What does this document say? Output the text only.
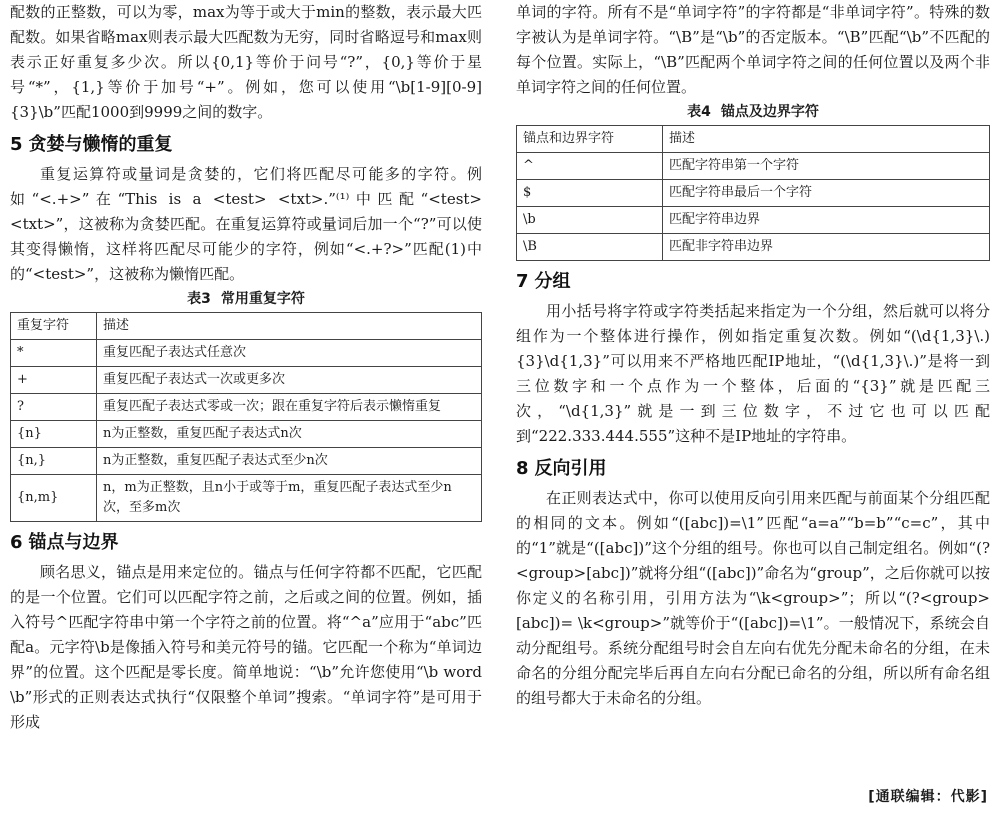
配数的正整数，可以为零，max为等于或大于min的整数，表示最大匹配数。如果省略max则表示最大匹配数为无穷，同时省略逗号和max则表示正好重复多少次。所以{0,1}等价于问号“?”，{0,}等价于星号“*”，{1,}等价于加号“+”。例如，您可以使用“\b[1-9][0-9]{3}\b”匹配1000到9999之间的数字。

5 贪婪与懒惰的重复

重复运算符或量词是贪婪的，它们将匹配尽可能多的字符。例如“<.+>”在“This is a <test> <txt>.”⁽¹⁾中匹配“<test> <txt>”，这被称为贪婪匹配。在重复运算符或量词后加一个“?”可以使其变得懒惰，这样将匹配尽可能少的字符，例如“<.+?>”匹配(1)中的“<test>”，这被称为懒惰匹配。

表3 常用重复字符
重复字符	描述
*	重复匹配子表达式任意次
+	重复匹配子表达式一次或更多次
?	重复匹配子表达式零或一次；跟在重复字符后表示懒惰重复
{n}	n为正整数，重复匹配子表达式n次
{n,}	n为正整数，重复匹配子表达式至少n次
{n,m}	n，m为正整数，且n小于或等于m，重复匹配子表达式至少n次，至多m次
6 锚点与边界

顾名思义，锚点是用来定位的。锚点与任何字符都不匹配，它匹配的是一个位置。它们可以匹配字符之前，之后或之间的位置。例如，插入符号^匹配字符串中第一个字符之前的位置。将“^a”应用于“abc”匹配a。元字符\b是像插入符号和美元符号的锚。它匹配一个称为“单词边界”的位置。这个匹配是零长度。简单地说：“\b”允许您使用“\b word \b”形式的正则表达式执行“仅限整个单词”搜索。“单词字符”是可用于形成

单词的字符。所有不是“单词字符”的字符都是“非单词字符”。特殊的数字被认为是单词字符。“\B”是“\b”的否定版本。“\B”匹配“\b”不匹配的每个位置。实际上，“\B”匹配两个单词字符之间的任何位置以及两个非单词字符之间的任何位置。

表4 锚点及边界字符
锚点和边界字符	描述
^	匹配字符串第一个字符
$	匹配字符串最后一个字符
\b	匹配字符串边界
\B	匹配非字符串边界
7 分组

用小括号将字符或字符类括起来指定为一个分组，然后就可以将分组作为一个整体进行操作，例如指定重复次数。例如“(\d{1,3}\.){3}\d{1,3}”可以用来不严格地匹配IP地址，“(\d{1,3}\.)”是将一到三位数字和一个点作为一个整体，后面的“{3}”就是匹配三次，“\d{1,3}”就是一到三位数字，不过它也可以匹配到“222.333.444.555”这种不是IP地址的字符串。

8 反向引用

在正则表达式中，你可以使用反向引用来匹配与前面某个分组匹配的相同的文本。例如“([abc])=\1”匹配“a=a”“b=b”“c=c”，其中的“1”就是“([abc])”这个分组的组号。你也可以自己制定组名。例如“(?<group>[abc])”就将分组“([abc])”命名为“group”，之后你就可以按你定义的名称引用，引用方法为“\k<group>”；所以“(?<group>[abc])= \k<group>”就等价于“([abc])=\1”。一般情况下，系统会自动分配组号。系统分配组号时会自左向右优先分配未命名的分组，在未命名的分组分配完毕后再自左向右分配已命名的分组，所以所有命名组的组号都大于未命名的分组。

[通联编辑：代影]
